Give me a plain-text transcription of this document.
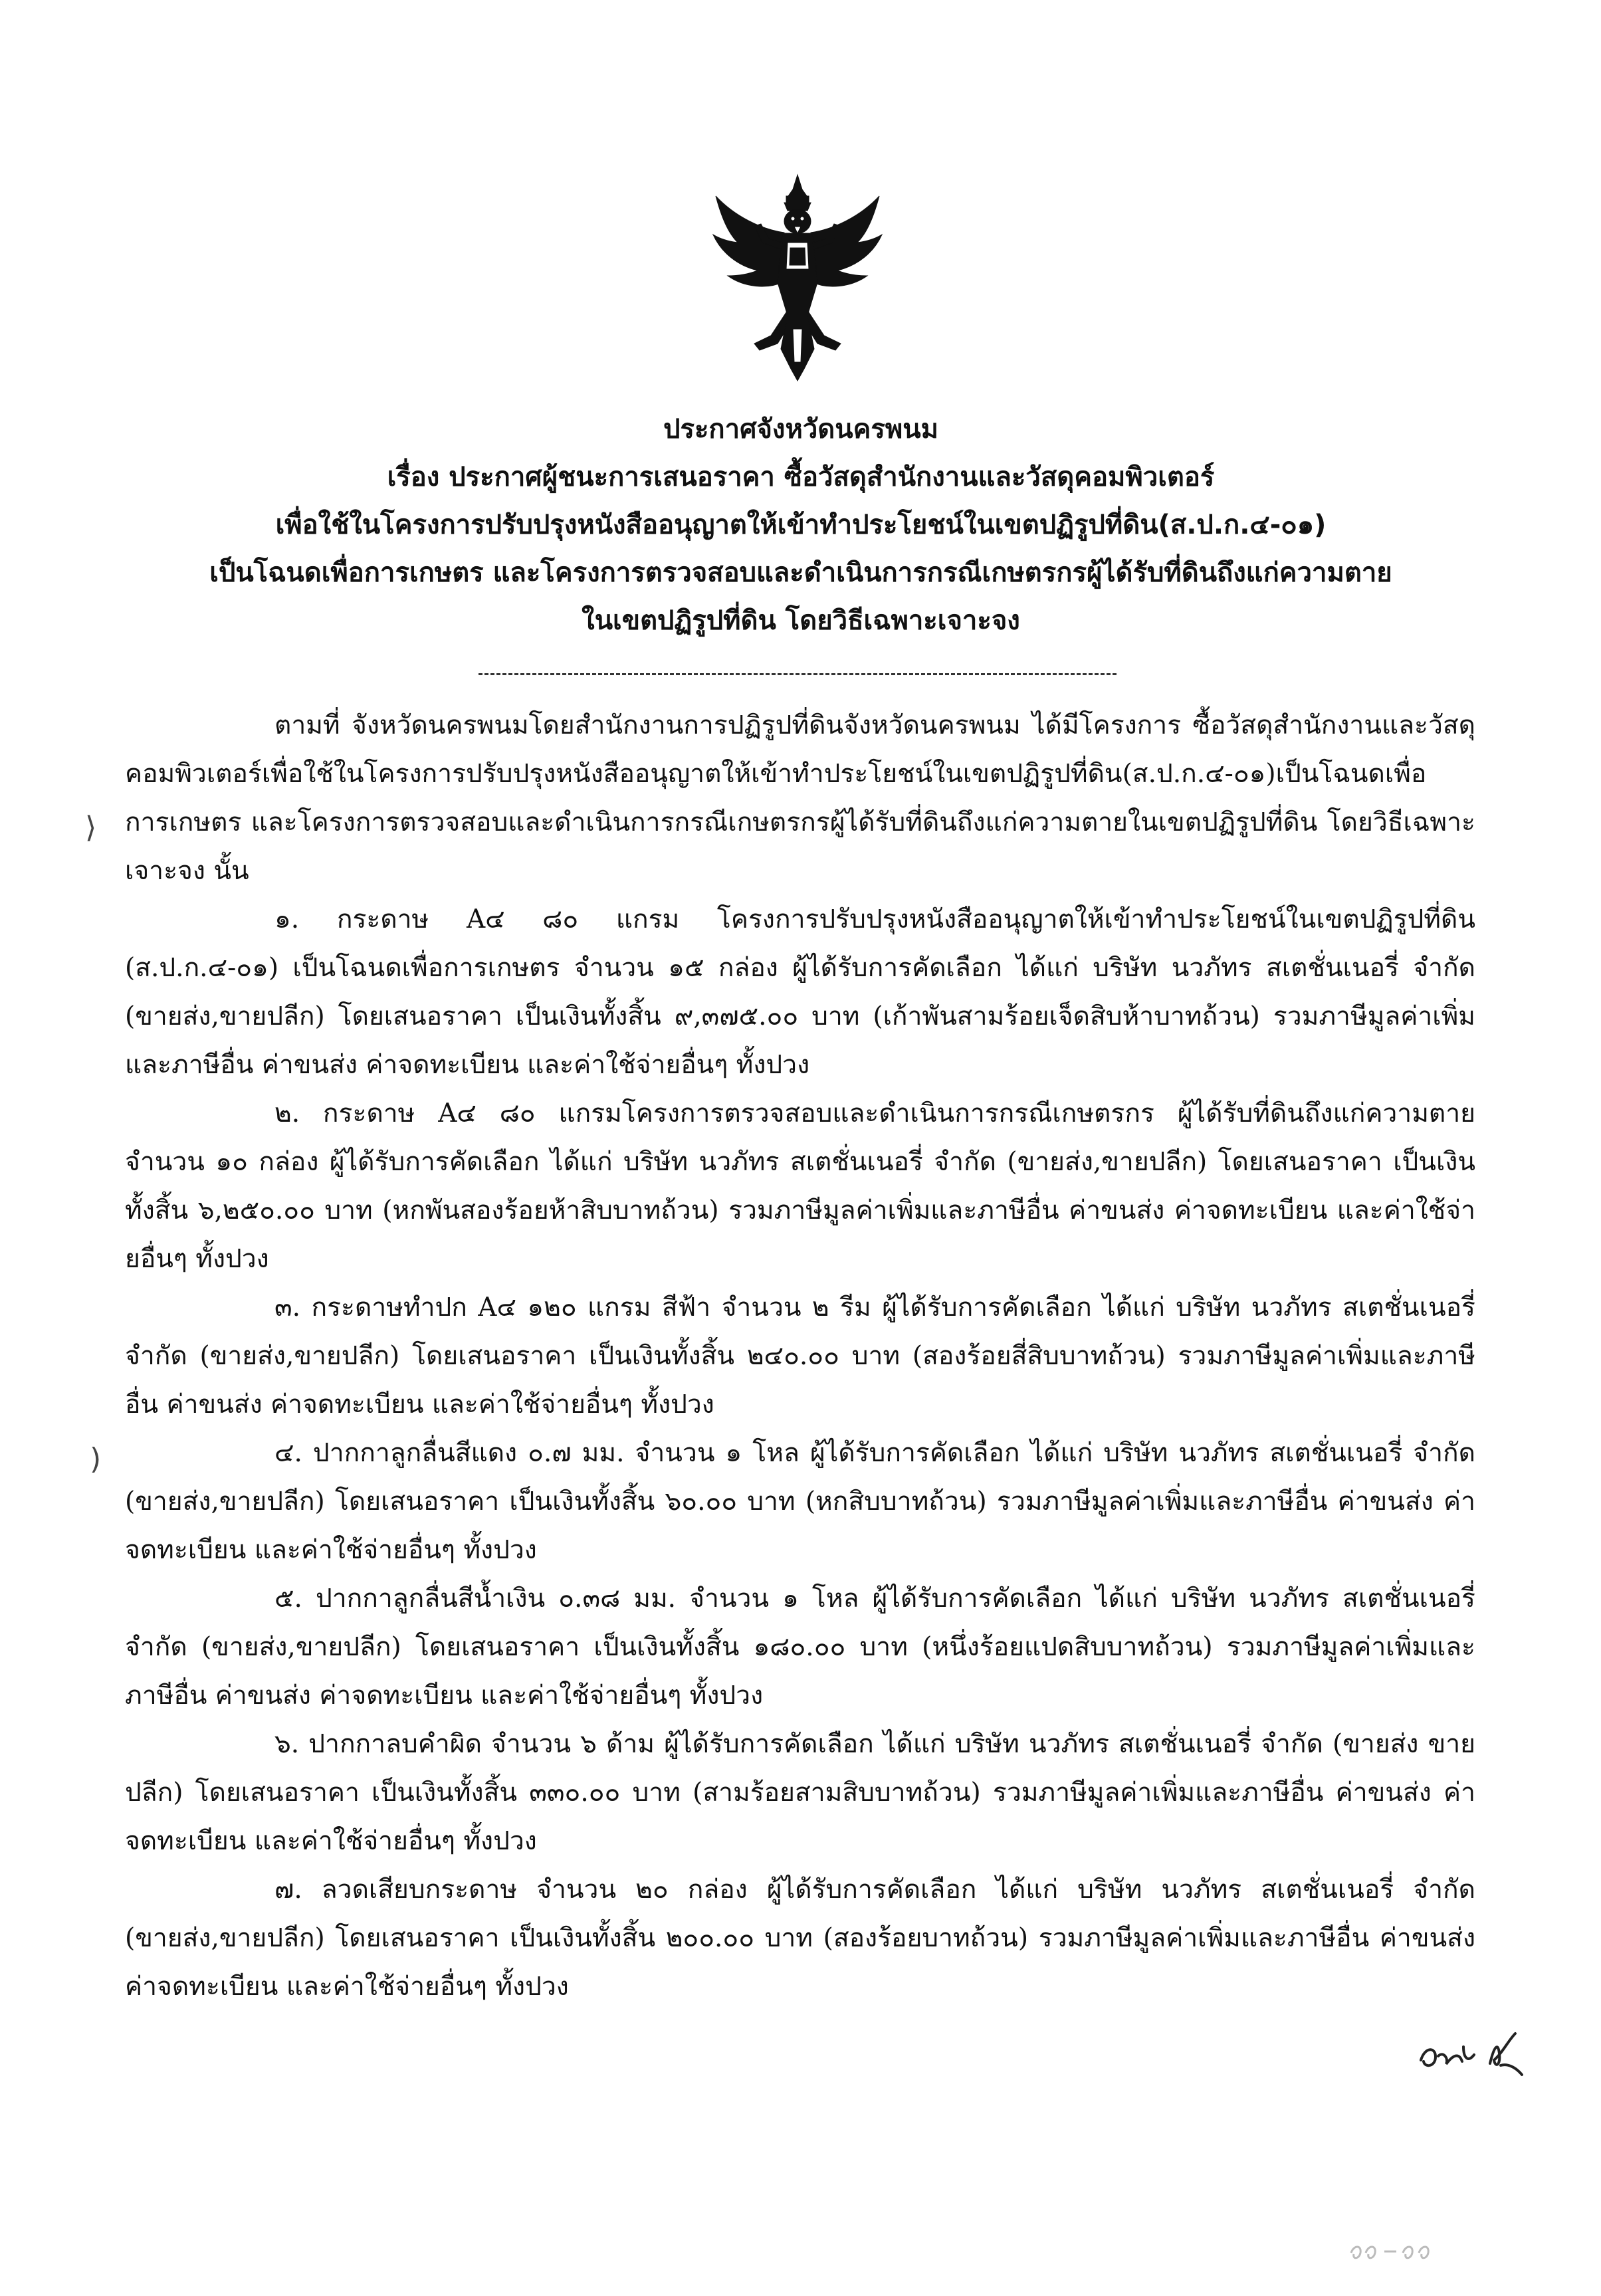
ประกาศจังหวัดนครพนม
เรื่อง ประกาศผู้ชนะการเสนอราคา ซื้อวัสดุสำนักงานและวัสดุคอมพิวเตอร์
เพื่อใช้ในโครงการปรับปรุงหนังสืออนุญาตให้เข้าทำประโยชน์ในเขตปฏิรูปที่ดิน(ส.ป.ก.๔-๐๑)
เป็นโฉนดเพื่อการเกษตร และโครงการตรวจสอบและดำเนินการกรณีเกษตรกรผู้ได้รับที่ดินถึงแก่ความตาย
ในเขตปฏิรูปที่ดิน โดยวิธีเฉพาะเจาะจง

ตามที่ จังหวัดนครพนมโดยสำนักงานการปฏิรูปที่ดินจังหวัดนครพนม ได้มีโครงการ ซื้อวัสดุสำนักงานและวัสดุคอมพิวเตอร์เพื่อใช้ในโครงการปรับปรุงหนังสืออนุญาตให้เข้าทำประโยชน์ในเขตปฏิรูปที่ดิน(ส.ป.ก.๔-๐๑)เป็นโฉนดเพื่อการเกษตร และโครงการตรวจสอบและดำเนินการกรณีเกษตรกรผู้ได้รับที่ดินถึงแก่ความตายในเขตปฏิรูปที่ดิน โดยวิธีเฉพาะเจาะจง นั้น

๑. กระดาษ A๔ ๘๐ แกรม โครงการปรับปรุงหนังสืออนุญาตให้เข้าทำประโยชน์ในเขตปฏิรูปที่ดิน (ส.ป.ก.๔-๐๑) เป็นโฉนดเพื่อการเกษตร จำนวน ๑๕ กล่อง ผู้ได้รับการคัดเลือก ได้แก่ บริษัท นวภัทร สเตชั่นเนอรี่ จำกัด (ขายส่ง,ขายปลีก) โดยเสนอราคา เป็นเงินทั้งสิ้น ๙,๓๗๕.๐๐ บาท (เก้าพันสามร้อยเจ็ดสิบห้าบาทถ้วน) รวมภาษีมูลค่าเพิ่มและภาษีอื่น ค่าขนส่ง ค่าจดทะเบียน และค่าใช้จ่ายอื่นๆ ทั้งปวง

๒. กระดาษ A๔ ๘๐ แกรมโครงการตรวจสอบและดำเนินการกรณีเกษตรกร ผู้ได้รับที่ดินถึงแก่ความตาย จำนวน ๑๐ กล่อง ผู้ได้รับการคัดเลือก ได้แก่ บริษัท นวภัทร สเตชั่นเนอรี่ จำกัด (ขายส่ง,ขายปลีก) โดยเสนอราคา เป็นเงินทั้งสิ้น ๖,๒๕๐.๐๐ บาท (หกพันสองร้อยห้าสิบบาทถ้วน) รวมภาษีมูลค่าเพิ่มและภาษีอื่น ค่าขนส่ง ค่าจดทะเบียน และค่าใช้จ่ายอื่นๆ ทั้งปวง

๓. กระดาษทำปก A๔ ๑๒๐ แกรม สีฟ้า จำนวน ๒ รีม ผู้ได้รับการคัดเลือก ได้แก่ บริษัท นวภัทร สเตชั่นเนอรี่ จำกัด (ขายส่ง,ขายปลีก) โดยเสนอราคา เป็นเงินทั้งสิ้น ๒๔๐.๐๐ บาท (สองร้อยสี่สิบบาทถ้วน) รวมภาษีมูลค่าเพิ่มและภาษีอื่น ค่าขนส่ง ค่าจดทะเบียน และค่าใช้จ่ายอื่นๆ ทั้งปวง

๔. ปากกาลูกลื่นสีแดง ๐.๗ มม. จำนวน ๑ โหล ผู้ได้รับการคัดเลือก ได้แก่ บริษัท นวภัทร สเตชั่นเนอรี่ จำกัด (ขายส่ง,ขายปลีก) โดยเสนอราคา เป็นเงินทั้งสิ้น ๖๐.๐๐ บาท (หกสิบบาทถ้วน) รวมภาษีมูลค่าเพิ่มและภาษีอื่น ค่าขนส่ง ค่าจดทะเบียน และค่าใช้จ่ายอื่นๆ ทั้งปวง

๕. ปากกาลูกลื่นสีน้ำเงิน ๐.๓๘ มม. จำนวน ๑ โหล ผู้ได้รับการคัดเลือก ได้แก่ บริษัท นวภัทร สเตชั่นเนอรี่ จำกัด (ขายส่ง,ขายปลีก) โดยเสนอราคา เป็นเงินทั้งสิ้น ๑๘๐.๐๐ บาท (หนึ่งร้อยแปดสิบบาทถ้วน) รวมภาษีมูลค่าเพิ่มและภาษีอื่น ค่าขนส่ง ค่าจดทะเบียน และค่าใช้จ่ายอื่นๆ ทั้งปวง

๖. ปากกาลบคำผิด จำนวน ๖ ด้าม ผู้ได้รับการคัดเลือก ได้แก่ บริษัท นวภัทร สเตชั่นเนอรี่ จำกัด (ขายส่ง ขายปลีก) โดยเสนอราคา เป็นเงินทั้งสิ้น ๓๓๐.๐๐ บาท (สามร้อยสามสิบบาทถ้วน) รวมภาษีมูลค่าเพิ่มและภาษีอื่น ค่าขนส่ง ค่าจดทะเบียน และค่าใช้จ่ายอื่นๆ ทั้งปวง

๗. ลวดเสียบกระดาษ จำนวน ๒๐ กล่อง ผู้ได้รับการคัดเลือก ได้แก่ บริษัท นวภัทร สเตชั่นเนอรี่ จำกัด (ขายส่ง,ขายปลีก) โดยเสนอราคา เป็นเงินทั้งสิ้น ๒๐๐.๐๐ บาท (สองร้อยบาทถ้วน) รวมภาษีมูลค่าเพิ่มและภาษีอื่น ค่าขนส่ง ค่าจดทะเบียน และค่าใช้จ่ายอื่นๆ ทั้งปวง

⟩
)
